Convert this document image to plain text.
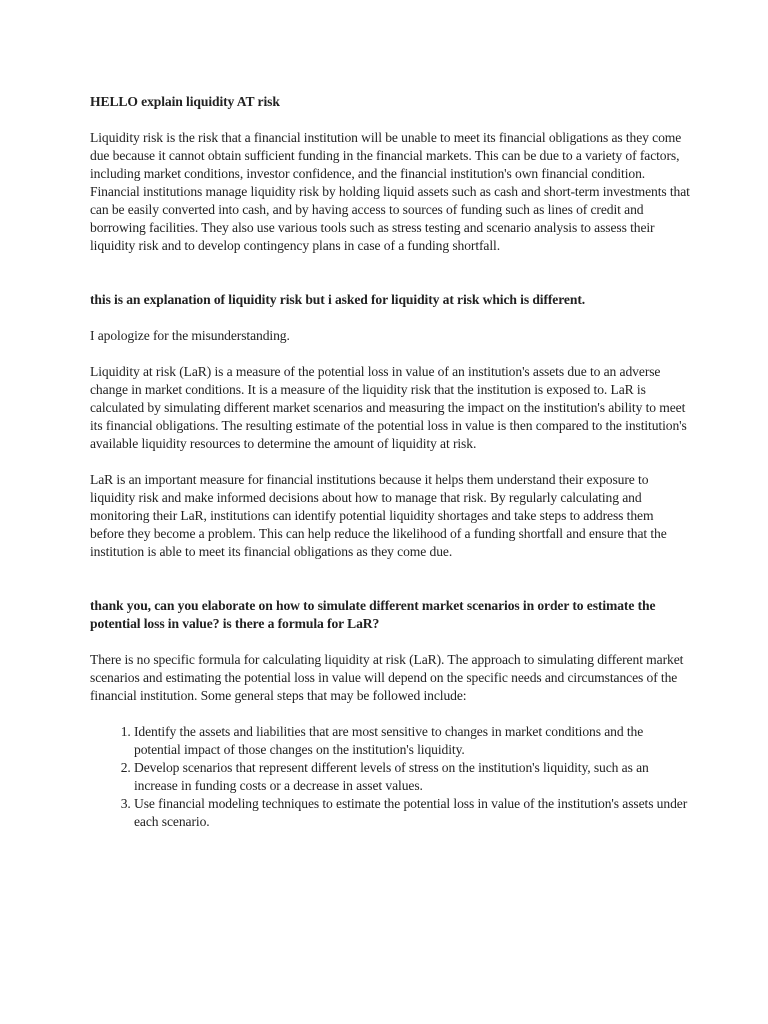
HELLO explain liquidity AT risk

Liquidity risk is the risk that a financial institution will be unable to meet its financial obligations as they come due because it cannot obtain sufficient funding in the financial markets. This can be due to a variety of factors, including market conditions, investor confidence, and the financial institution's own financial condition. Financial institutions manage liquidity risk by holding liquid assets such as cash and short-term investments that can be easily converted into cash, and by having access to sources of funding such as lines of credit and borrowing facilities. They also use various tools such as stress testing and scenario analysis to assess their liquidity risk and to develop contingency plans in case of a funding shortfall.

this is an explanation of liquidity risk but i asked for liquidity at risk which is different.

I apologize for the misunderstanding.

Liquidity at risk (LaR) is a measure of the potential loss in value of an institution's assets due to an adverse change in market conditions. It is a measure of the liquidity risk that the institution is exposed to. LaR is calculated by simulating different market scenarios and measuring the impact on the institution's ability to meet its financial obligations. The resulting estimate of the potential loss in value is then compared to the institution's available liquidity resources to determine the amount of liquidity at risk.

LaR is an important measure for financial institutions because it helps them understand their exposure to liquidity risk and make informed decisions about how to manage that risk. By regularly calculating and monitoring their LaR, institutions can identify potential liquidity shortages and take steps to address them before they become a problem. This can help reduce the likelihood of a funding shortfall and ensure that the institution is able to meet its financial obligations as they come due.

thank you, can you elaborate on how to simulate different market scenarios in order to estimate the potential loss in value? is there a formula for LaR?

There is no specific formula for calculating liquidity at risk (LaR). The approach to simulating different market scenarios and estimating the potential loss in value will depend on the specific needs and circumstances of the financial institution. Some general steps that may be followed include:

1. Identify the assets and liabilities that are most sensitive to changes in market conditions and the potential impact of those changes on the institution's liquidity.
2. Develop scenarios that represent different levels of stress on the institution's liquidity, such as an increase in funding costs or a decrease in asset values.
3. Use financial modeling techniques to estimate the potential loss in value of the institution's assets under each scenario.
